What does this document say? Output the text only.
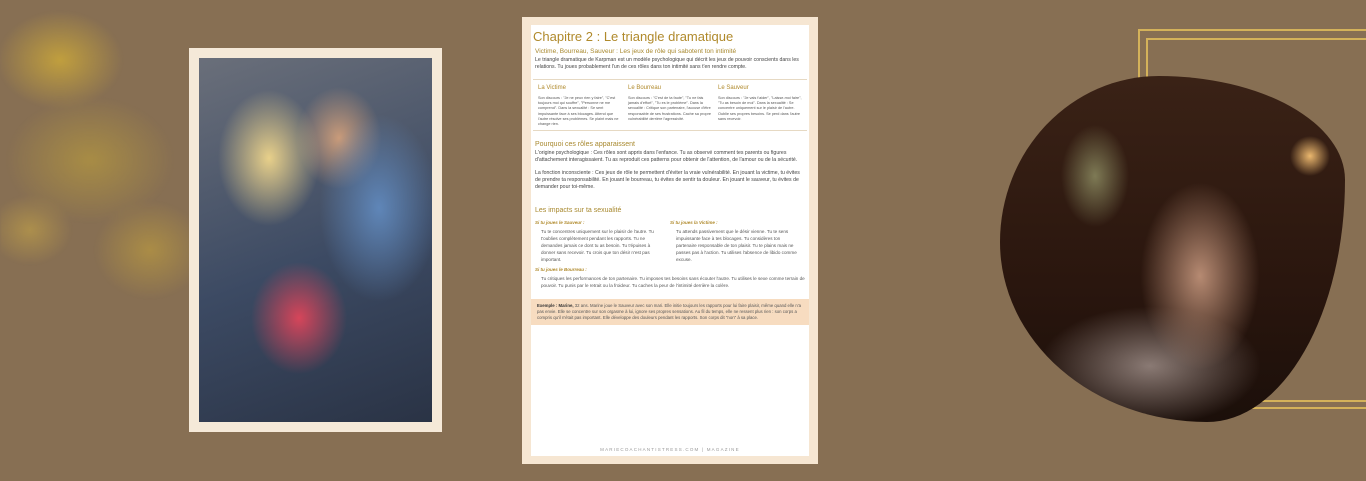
Chapitre 2 : Le triangle dramatique
Victime, Bourreau, Sauveur : Les jeux de rôle qui sabotent ton intimité
Le triangle dramatique de Karpman est un modèle psychologique qui décrit les jeux de pouvoir conscients dans les relations. Tu joues probablement l'un de ces rôles dans ton intimité sans t'en rendre compte.
La Victime
Son discours : "Je ne peux rien y faire", "C'est toujours moi qui souffre", "Personne ne me comprend". Dans la sexualité : Se sent impuissante face à ses blocages. Attend que l'autre résolve ses problèmes. Se plaint mais ne change rien.
Le Bourreau
Son discours : "C'est de ta faute", "Tu ne fais jamais d'effort", "Tu es le problème". Dans la sexualité : Critique son partenaire, l'accuse d'être responsable de ses frustrations. Cache sa propre vulnérabilité derrière l'agressivité.
Le Sauveur
Son discours : "Je vais t'aider", "Laisse-moi faire", "Tu as besoin de moi". Dans la sexualité : Se concentre uniquement sur le plaisir de l'autre. Oublie ses propres besoins. Se perd dans l'autre sans recevoir.
Pourquoi ces rôles apparaissent
L'origine psychologique : Ces rôles sont appris dans l'enfance. Tu as observé comment tes parents ou figures d'attachement interagissaient. Tu as reproduit ces patterns pour obtenir de l'attention, de l'amour ou de la sécurité.
La fonction inconsciente : Ces jeux de rôle te permettent d'éviter la vraie vulnérabilité. En jouant la victime, tu évites de prendre ta responsabilité. En jouant le bourreau, tu évites de sentir ta douleur. En jouant le sauveur, tu évites de demander pour toi-même.
Les impacts sur ta sexualité
Si tu joues le Sauveur :
Tu te concentres uniquement sur le plaisir de l'autre. Tu t'oublies complètement pendant les rapports. Tu ne demandes jamais ce dont tu as besoin. Tu t'épuises à donner sans recevoir. Tu crois que ton désir n'est pas important.
Si tu joues la Victime :
Tu attends passivement que le désir vienne. Tu te sens impuissante face à tes blocages. Tu considères ton partenaire responsable de ton plaisir. Tu te plains mais ne passes pas à l'action. Tu utilises l'absence de libido comme excuse.
Si tu joues le Bourreau :
Tu critiques les performances de ton partenaire. Tu imposes tes besoins sans écouter l'autre. Tu utilises le sexe comme terrain de pouvoir. Tu punis par le retrait ou la froideur. Tu caches la peur de l'intimité derrière la colère.
Exemple : Marine, 32 ans. Marine joue le Sauveur avec son mari. Elle initie toujours les rapports pour lui faire plaisir, même quand elle n'a pas envie. Elle se concentre sur son orgasme à lui, ignore ses propres sensations. Au fil du temps, elle ne ressent plus rien : son corps a compris qu'il n'était pas important. Elle développe des douleurs pendant les rapports. Son corps dit "non" à sa place.
MARIECOACHANTISTRESS.COM | MAGAZINE
